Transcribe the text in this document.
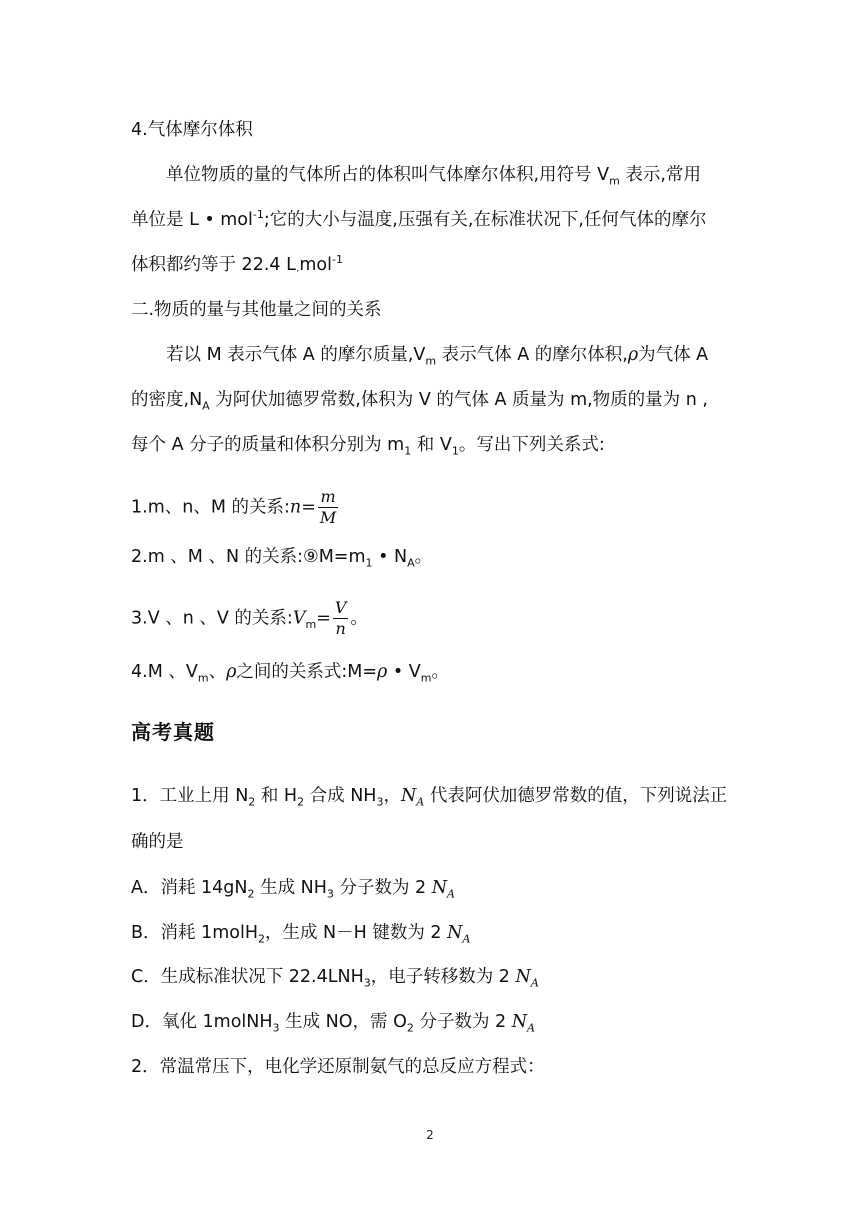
4.气体摩尔体积
单位物质的量的气体所占的体积叫气体摩尔体积,用符号 $V_m$ 表示,常用
单位是 L • mol$^{-1}$;它的大小与温度,压强有关,在标准状况下,任何气体的摩尔
体积都约等于 22.4 $L_\cdot mol^{-1}$
二.物质的量与其他量之间的关系
若以 M 表示气体 A 的摩尔质量$,V_m$ 表示气体 A 的摩尔体积,ρ为气体 A
的密度$,N_A$ 为阿伏加德罗常数,体积为 V 的气体 A 质量为 m,物质的量为 n ,
每个 A 分子的质量和体积分别为 $m_1$ 和 $V_1$。写出下列关系式:
1.m、n、M 的关系:n= $\frac{m}{M}$
2.m 、M 、N 的关系$:⑨M=m_1$ • $N_A$。
3.V 、n 、V 的关系$:V_m= \frac{V}{n}$ 。
4.M 、$V_m$、ρ之间的关系式:M=ρ • $V_m$。
高考真题
1．工业上用 $N_2$ 和 $H_2$ 合成 $NH_3$，$N_A$ 代表阿伏加德罗常数的值，下列说法正
确的是
A．消耗 $14gN_2$ 生成 $NH_3$ 分子数为 2 $N_A$
B．消耗 1molH$_2$，生成 N－H 键数为 2 $N_A$
C．生成标准状况下 $22.4LNH_3$，电子转移数为 2 $N_A$
D．氧化 1molNH$_3$ 生成 NO，需 $O_2$ 分子数为 2 $N_A$
2．常温常压下，电化学还原制氨气的总反应方程式：
2
